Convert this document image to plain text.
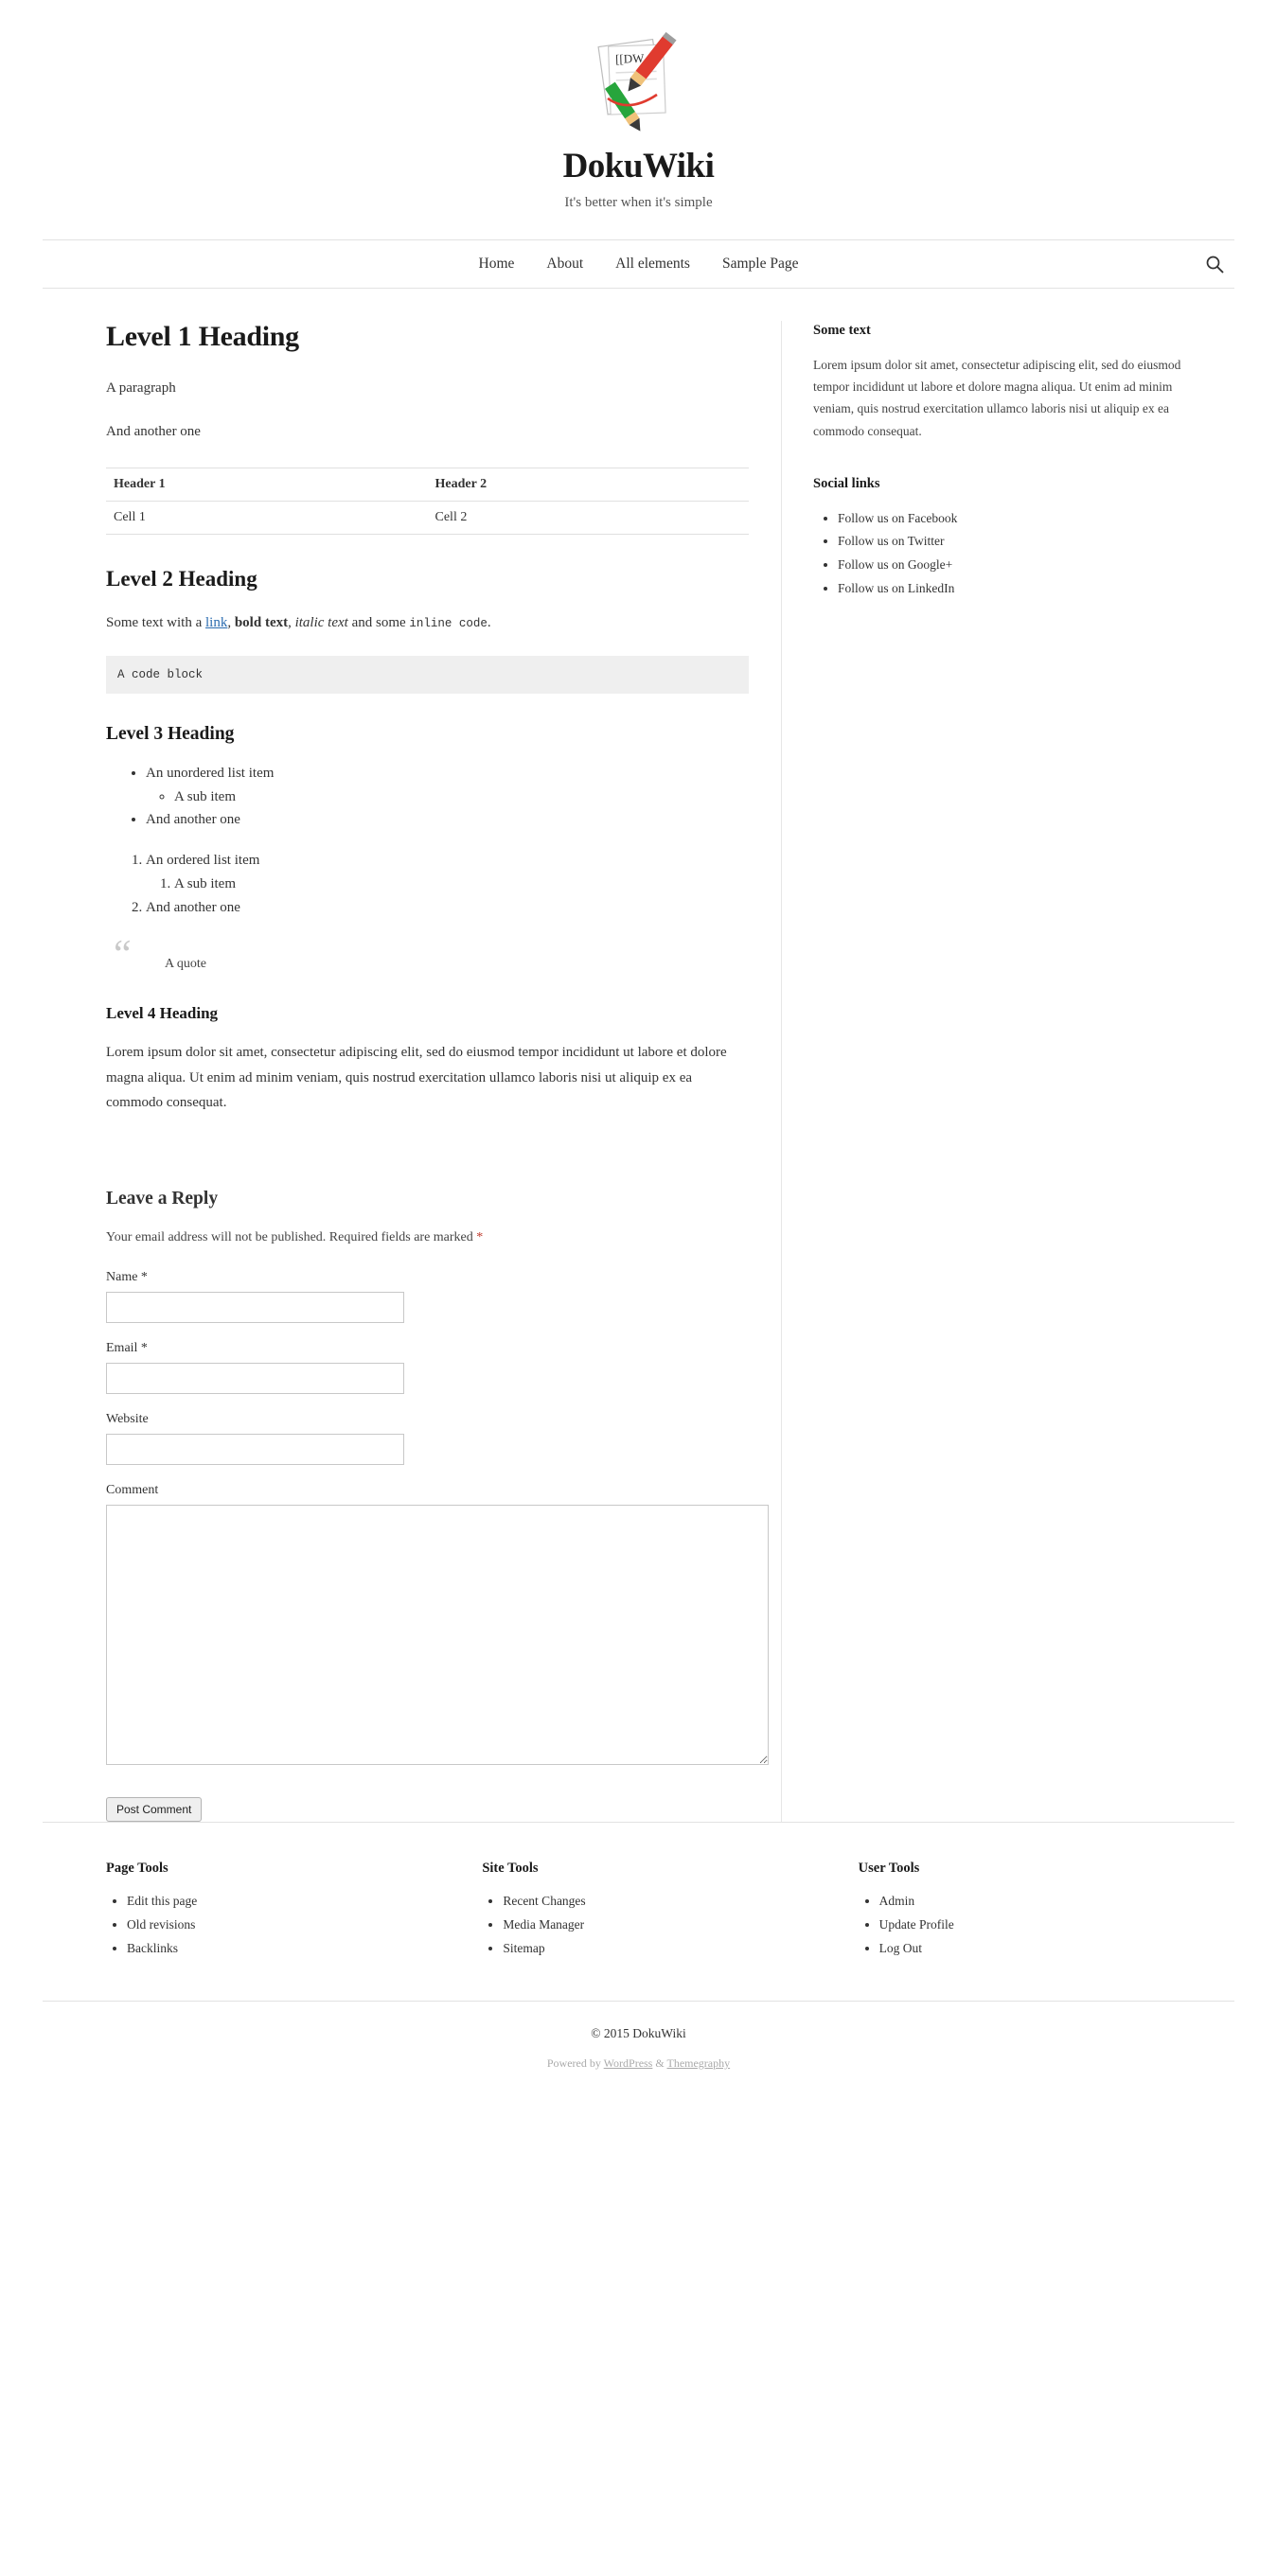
[[DW
DokuWiki
It's better when it's simple
Home About All elements Sample Page
Level 1 Heading

A paragraph

And another one

Header 1	Header 2
Cell 1	Cell 2
Level 2 Heading

Some text with a link, bold text, italic text and some inline code.

A code block
Level 3 Heading
• An unordered list item
◦ A sub item
• And another one
1. An ordered list item
1. A sub item
2. And another one
“	A quote
Level 4 Heading

Lorem ipsum dolor sit amet, consectetur adipiscing elit, sed do eiusmod tempor incididunt ut labore et dolore magna aliqua. Ut enim ad minim veniam, quis nostrud exercitation ullamco laboris nisi ut aliquip ex ea commodo consequat.

Leave a Reply
Your email address will not be published. Required fields are marked *
Name *
Email *
Website
Comment
Post Comment
Some text

Lorem ipsum dolor sit amet, consectetur adipiscing elit, sed do eiusmod tempor incididunt ut labore et dolore magna aliqua. Ut enim ad minim veniam, quis nostrud exercitation ullamco laboris nisi ut aliquip ex ea commodo consequat.

Social links
• Follow us on Facebook
• Follow us on Twitter
• Follow us on Google+
• Follow us on LinkedIn
Page Tools
• Edit this page
• Old revisions
• Backlinks
Site Tools
• Recent Changes
• Media Manager
• Sitemap
User Tools
• Admin
• Update Profile
• Log Out
© 2015 DokuWiki
Powered by WordPress & Themegraphy
